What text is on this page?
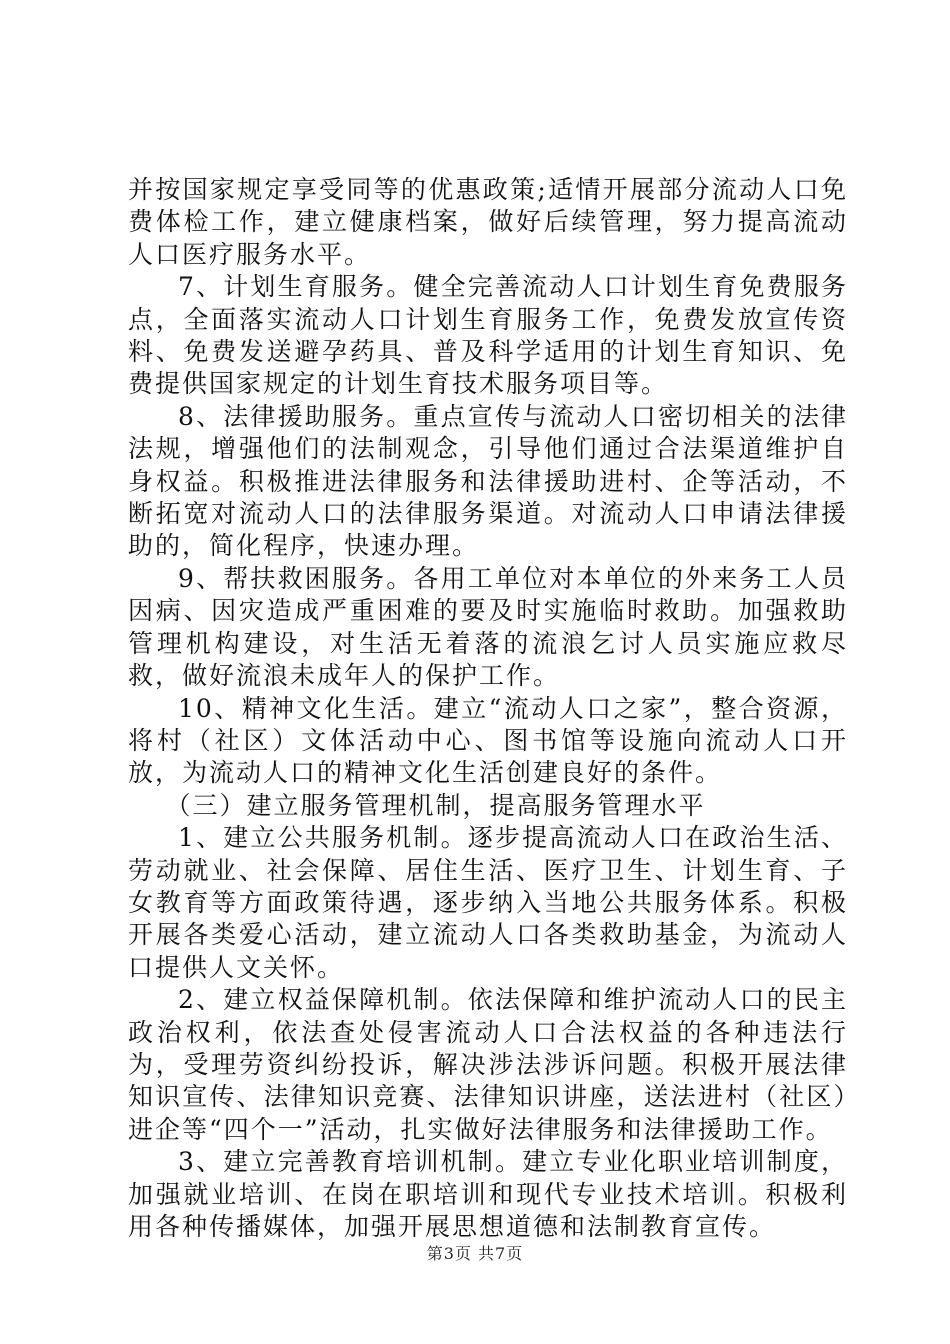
并按国家规定享受同等的优惠政策;适情开展部分流动人口免费体检工作，建立健康档案，做好后续管理，努力提高流动人口医疗服务水平。

7、计划生育服务。健全完善流动人口计划生育免费服务点，全面落实流动人口计划生育服务工作，免费发放宣传资料、免费发送避孕药具、普及科学适用的计划生育知识、免费提供国家规定的计划生育技术服务项目等。

8、法律援助服务。重点宣传与流动人口密切相关的法律法规，增强他们的法制观念，引导他们通过合法渠道维护自身权益。积极推进法律服务和法律援助进村、企等活动，不断拓宽对流动人口的法律服务渠道。对流动人口申请法律援助的，简化程序，快速办理。

9、帮扶救困服务。各用工单位对本单位的外来务工人员因病、因灾造成严重困难的要及时实施临时救助。加强救助管理机构建设，对生活无着落的流浪乞讨人员实施应救尽救，做好流浪未成年人的保护工作。

10、精神文化生活。建立“流动人口之家”，整合资源，将村（社区）文体活动中心、图书馆等设施向流动人口开放，为流动人口的精神文化生活创建良好的条件。

（三）建立服务管理机制，提高服务管理水平

1、建立公共服务机制。逐步提高流动人口在政治生活、劳动就业、社会保障、居住生活、医疗卫生、计划生育、子女教育等方面政策待遇，逐步纳入当地公共服务体系。积极开展各类爱心活动，建立流动人口各类救助基金，为流动人口提供人文关怀。

2、建立权益保障机制。依法保障和维护流动人口的民主政治权利，依法查处侵害流动人口合法权益的各种违法行为，受理劳资纠纷投诉，解决涉法涉诉问题。积极开展法律知识宣传、法律知识竞赛、法律知识讲座，送法进村（社区）进企等“四个一”活动，扎实做好法律服务和法律援助工作。

3、建立完善教育培训机制。建立专业化职业培训制度，加强就业培训、在岗在职培训和现代专业技术培训。积极利用各种传播媒体，加强开展思想道德和法制教育宣传。

第3页 共7页
